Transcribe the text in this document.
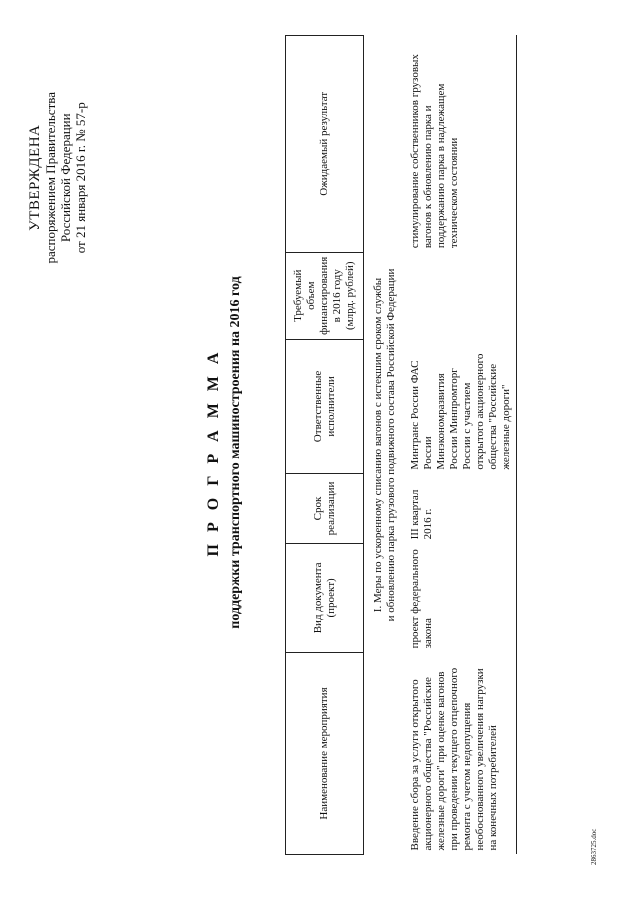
УТВЕРЖДЕНА распоряжением Правительства Российской Федерации от 21 января 2016 г. № 57-р
П Р О Г Р А М М А поддержки транспортного машиностроения на 2016 год
Наименование мероприятия	Вид документа (проект)	Срок реализации	Ответственные исполнители	Требуемый объем финансирования в 2016 году (млрд. рублей)	Ожидаемый результат

I. Меры по ускоренному списанию вагонов с истекшим сроком службы и обновлению парка грузового подвижного состава Российской Федерации					

Введение сбора за услуги открытого акционерного общества "Российские железные дороги" при оценке вагонов при проведении текущего отцепочного ремонта с учетом недопущения необоснованного увеличения нагрузки на конечных потребителей	проект федерального закона	III квартал 2016 г.	Минтранс России ФАС России Минэкономразвития России Минпромторг России с участием открытого акционерного общества "Российские железные дороги"		стимулирование собственников грузовых вагонов к обновлению парка и поддержанию парка в надлежащем техническом состоянии
2863725.doc
